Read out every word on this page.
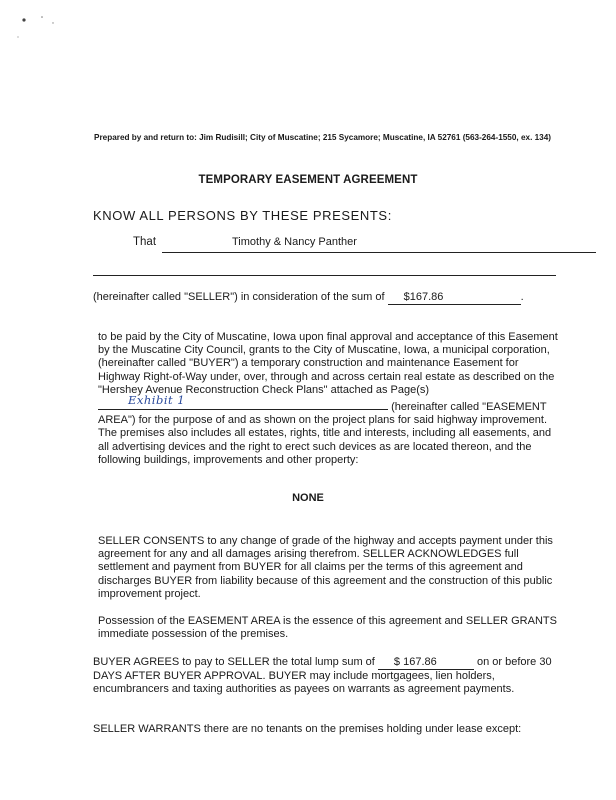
Prepared by and return to: Jim Rudisill; City of Muscatine; 215 Sycamore; Muscatine, IA 52761 (563-264-1550, ex. 134)
TEMPORARY EASEMENT AGREEMENT
KNOW ALL PERSONS BY THESE PRESENTS:
That	Timothy & Nancy Panther
(hereinafter called "SELLER") in consideration of the sum of $167.86	.
to be paid by the City of Muscatine, Iowa upon final approval and acceptance of this Easement by the Muscatine City Council, grants to the City of Muscatine, Iowa, a municipal corporation, (hereinafter called "BUYER") a temporary construction and maintenance Easement for Highway Right-of-Way under, over, through and across certain real estate as described on the "Hershey Avenue Reconstruction Check Plans" attached as Page(s)
Exhibit 1	(hereinafter called "EASEMENT AREA") for the purpose of and as shown on the project plans for said highway improvement. The premises also includes all estates, rights, title and interests, including all easements, and all advertising devices and the right to erect such devices as are located thereon, and the following buildings, improvements and other property:
NONE
SELLER CONSENTS to any change of grade of the highway and accepts payment under this agreement for any and all damages arising therefrom. SELLER ACKNOWLEDGES full settlement and payment from BUYER for all claims per the terms of this agreement and discharges BUYER from liability because of this agreement and the construction of this public improvement project.
Possession of the EASEMENT AREA is the essence of this agreement and SELLER GRANTS immediate possession of the premises.
BUYER AGREES to pay to SELLER the total lump sum of $ 167.86	on or before 30 DAYS AFTER BUYER APPROVAL. BUYER may include mortgagees, lien holders, encumbrancers and taxing authorities as payees on warrants as agreement payments.
SELLER WARRANTS there are no tenants on the premises holding under lease except:
